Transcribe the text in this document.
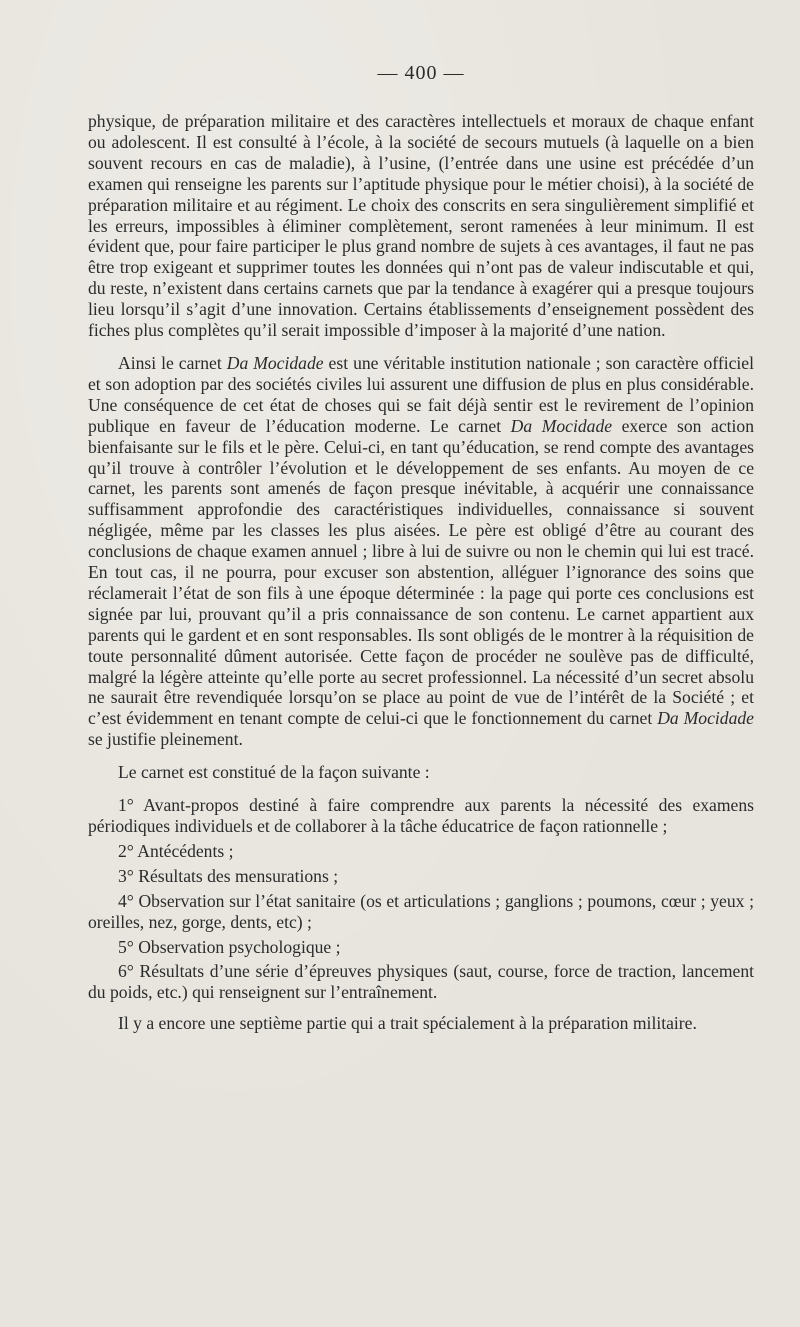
— 400 —

physique, de préparation militaire et des caractères intellectuels et moraux de chaque enfant ou adolescent. Il est consulté à l’école, à la société de secours mutuels (à laquelle on a bien souvent recours en cas de maladie), à l’usine, (l’entrée dans une usine est précédée d’un examen qui renseigne les parents sur l’aptitude physique pour le métier choisi), à la société de préparation militaire et au régiment. Le choix des conscrits en sera singulièrement simplifié et les erreurs, impossibles à éliminer complètement, seront ramenées à leur minimum. Il est évident que, pour faire participer le plus grand nombre de sujets à ces avantages, il faut ne pas être trop exigeant et supprimer toutes les données qui n’ont pas de valeur indiscutable et qui, du reste, n’existent dans certains carnets que par la tendance à exagérer qui a presque toujours lieu lorsqu’il s’agit d’une innovation. Certains établissements d’enseignement possèdent des fiches plus complètes qu’il serait impossible d’imposer à la majorité d’une nation.

Ainsi le carnet Da Mocidade est une véritable institution nationale ; son caractère officiel et son adoption par des sociétés civiles lui assurent une diffusion de plus en plus considérable. Une conséquence de cet état de choses qui se fait déjà sentir est le revirement de l’opinion publique en faveur de l’éducation moderne. Le carnet Da Mocidade exerce son action bienfaisante sur le fils et le père. Celui-ci, en tant qu’éducation, se rend compte des avantages qu’il trouve à contrôler l’évolution et le développement de ses enfants. Au moyen de ce carnet, les parents sont amenés de façon presque inévitable, à acquérir une connaissance suffisamment approfondie des caractéristiques individuelles, connaissance si souvent négligée, même par les classes les plus aisées. Le père est obligé d’être au courant des conclusions de chaque examen annuel ; libre à lui de suivre ou non le chemin qui lui est tracé. En tout cas, il ne pourra, pour excuser son abstention, alléguer l’ignorance des soins que réclamerait l’état de son fils à une époque déterminée : la page qui porte ces conclusions est signée par lui, prouvant qu’il a pris connaissance de son contenu. Le carnet appartient aux parents qui le gardent et en sont responsables. Ils sont obligés de le montrer à la réquisition de toute personnalité dûment autorisée. Cette façon de procéder ne soulève pas de difficulté, malgré la légère atteinte qu’elle porte au secret professionnel. La nécessité d’un secret absolu ne saurait être revendiquée lorsqu’on se place au point de vue de l’intérêt de la Société ; et c’est évidemment en tenant compte de celui-ci que le fonctionnement du carnet Da Mocidade se justifie pleinement.

Le carnet est constitué de la façon suivante :

1° Avant-propos destiné à faire comprendre aux parents la nécessité des examens périodiques individuels et de collaborer à la tâche éducatrice de façon rationnelle ;

2° Antécédents ;

3° Résultats des mensurations ;

4° Observation sur l’état sanitaire (os et articulations ; ganglions ; poumons, cœur ; yeux ; oreilles, nez, gorge, dents, etc) ;

5° Observation psychologique ;

6° Résultats d’une série d’épreuves physiques (saut, course, force de traction, lancement du poids, etc.) qui renseignent sur l’entraînement.

Il y a encore une septième partie qui a trait spécialement à la préparation militaire.
